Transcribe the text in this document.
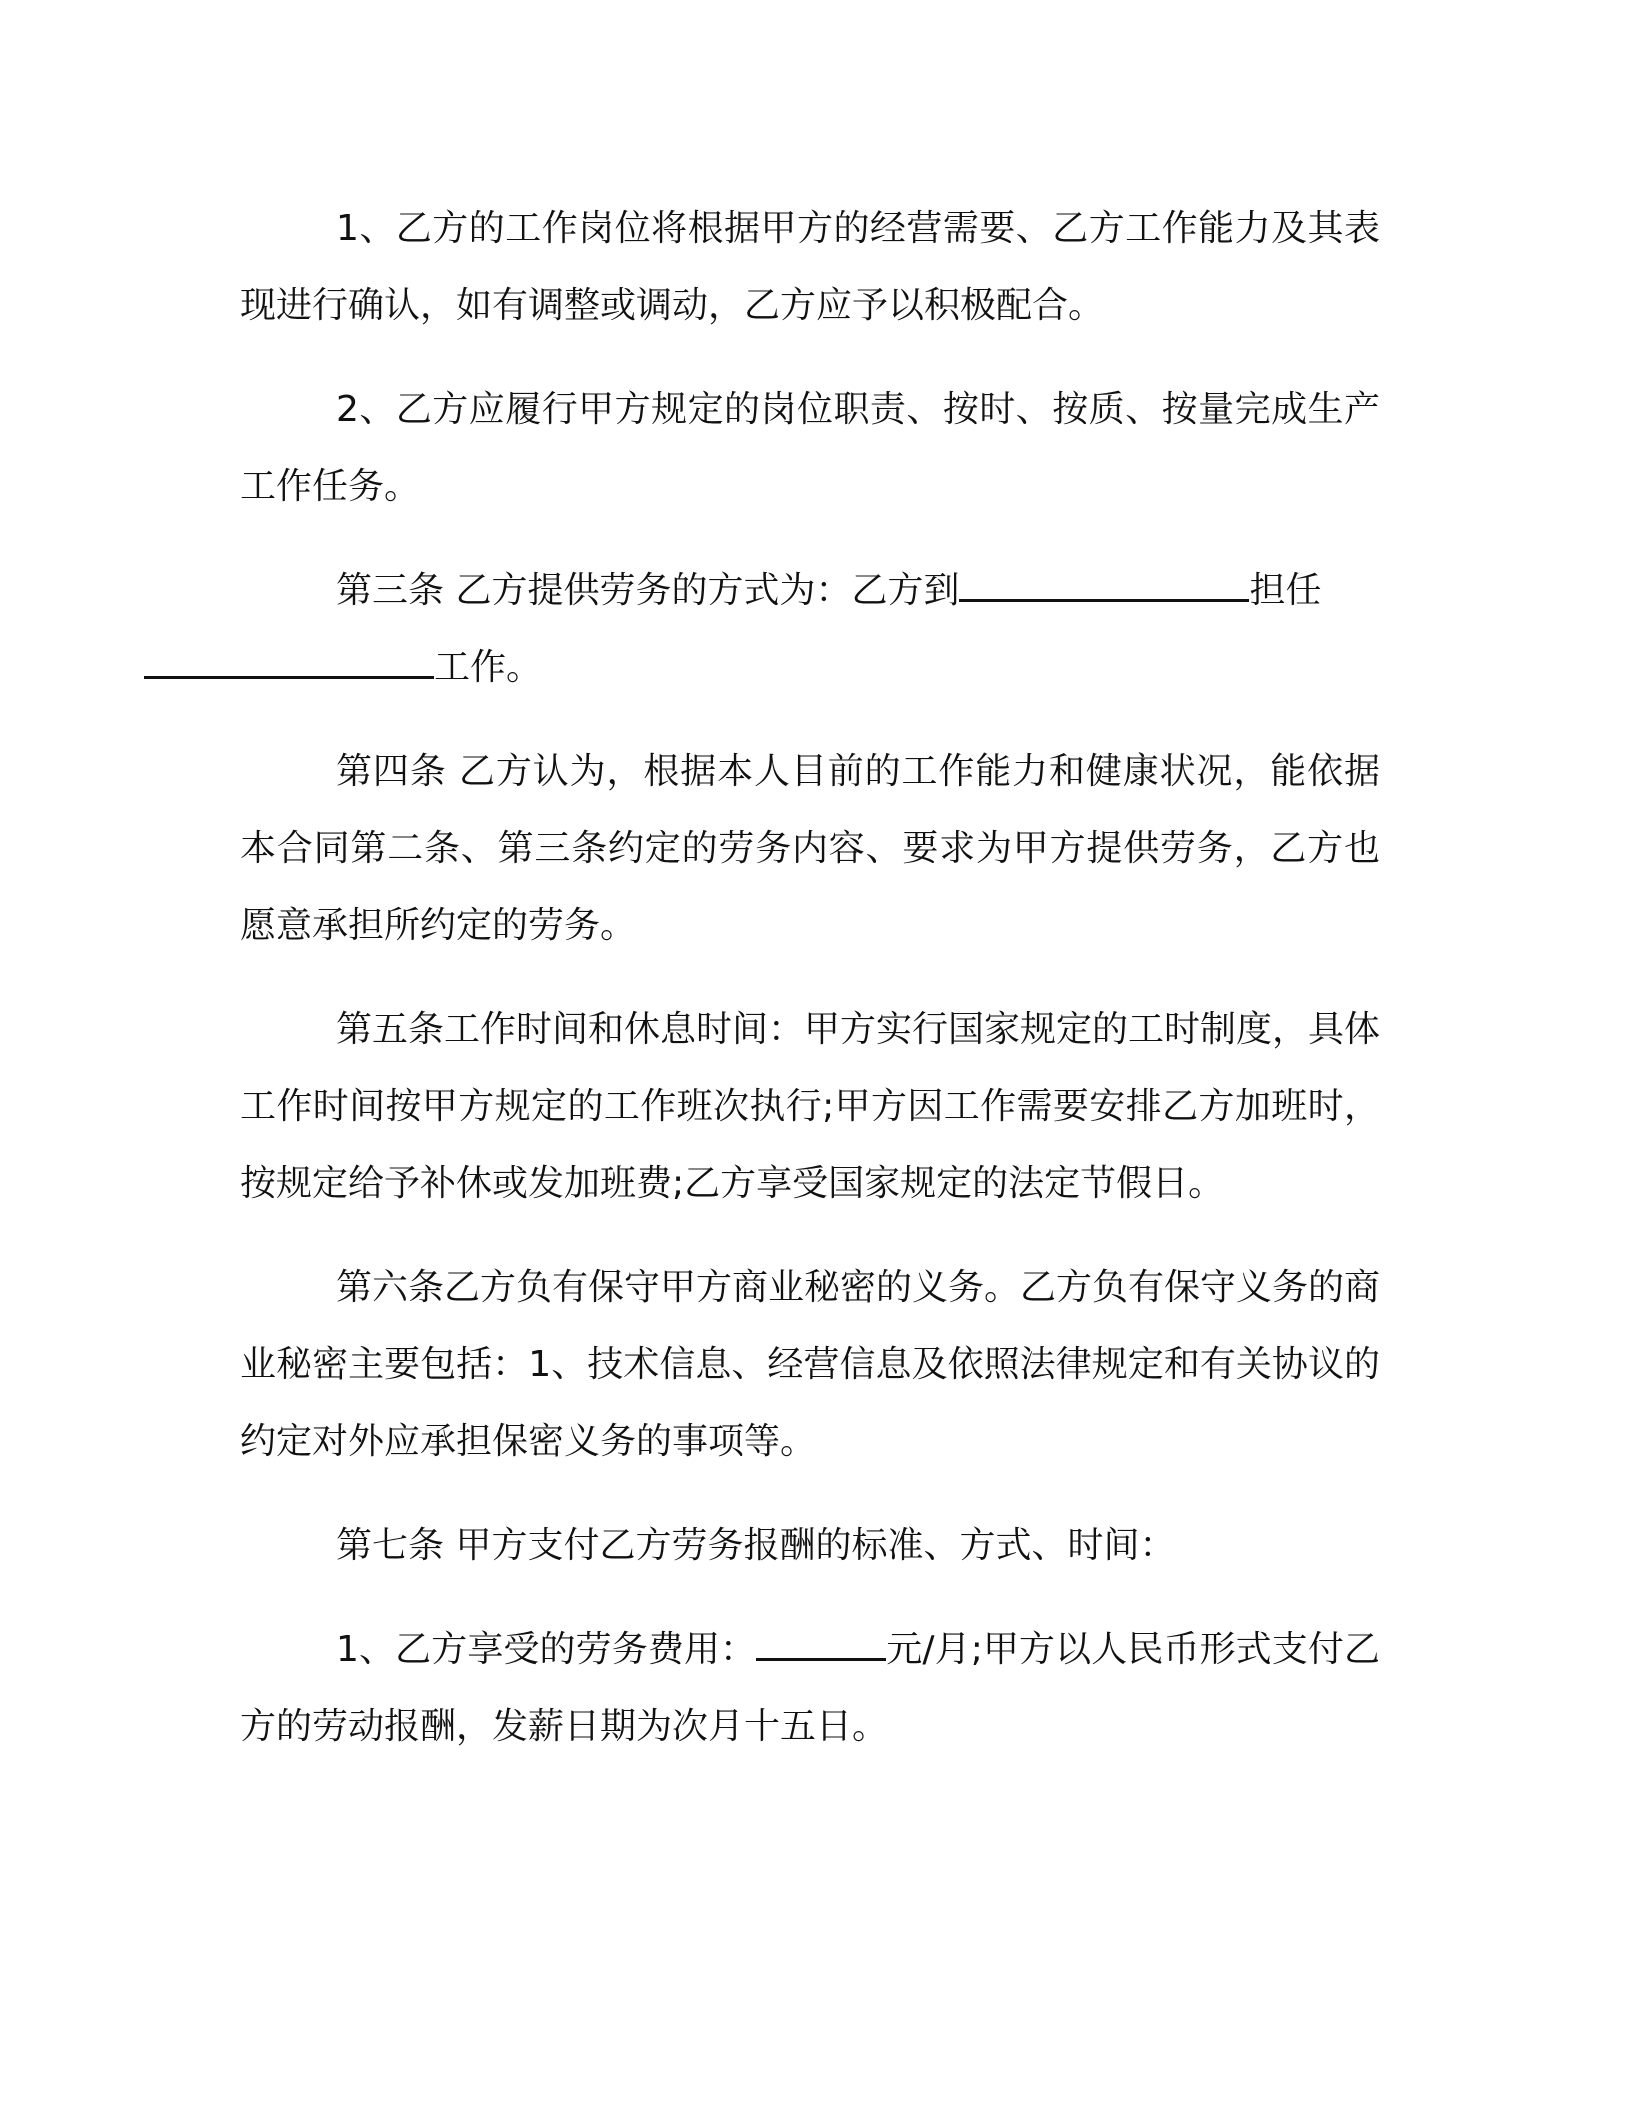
1、乙方的工作岗位将根据甲方的经营需要、乙方工作能力及其表现进行确认，如有调整或调动，乙方应予以积极配合。

2、乙方应履行甲方规定的岗位职责、按时、按质、按量完成生产工作任务。

第三条 乙方提供劳务的方式为：乙方到	担任
工作。

第四条 乙方认为，根据本人目前的工作能力和健康状况，能依据本合同第二条、第三条约定的劳务内容、要求为甲方提供劳务，乙方也愿意承担所约定的劳务。

第五条工作时间和休息时间：甲方实行国家规定的工时制度，具体工作时间按甲方规定的工作班次执行;甲方因工作需要安排乙方加班时，按规定给予补休或发加班费;乙方享受国家规定的法定节假日。

第六条乙方负有保守甲方商业秘密的义务。乙方负有保守义务的商业秘密主要包括：1、技术信息、经营信息及依照法律规定和有关协议的约定对外应承担保密义务的事项等。

第七条 甲方支付乙方劳务报酬的标准、方式、时间：

1、乙方享受的劳务费用：	元/月;甲方以人民币形式支付乙方的劳动报酬，发薪日期为次月十五日。
